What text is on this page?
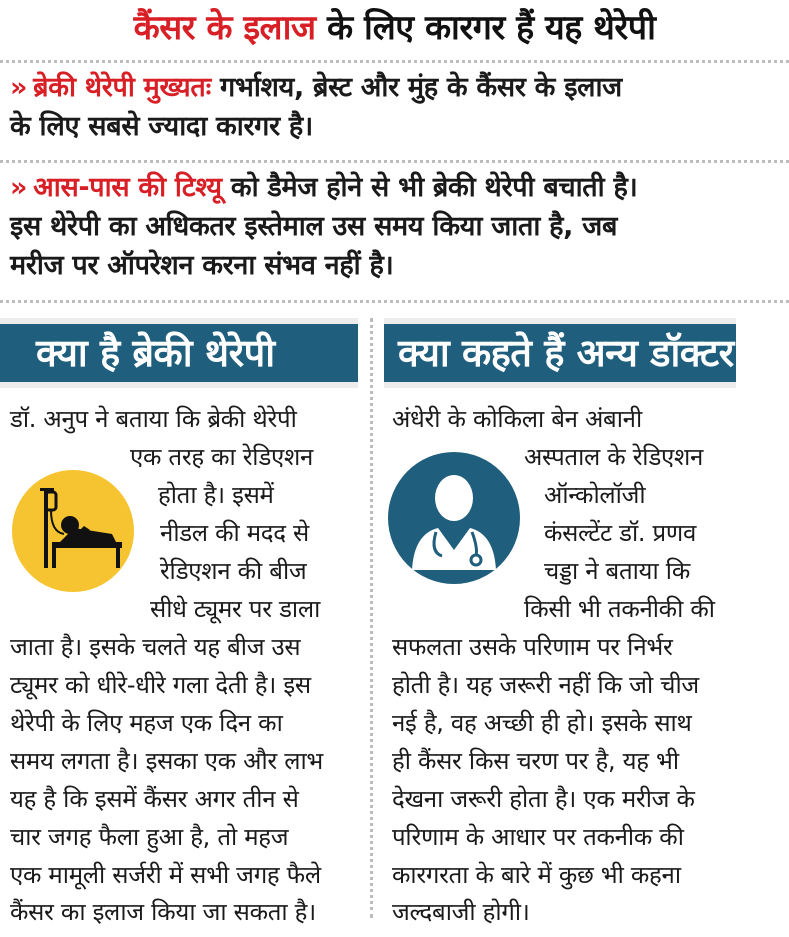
कैंसर के इलाज के लिए कारगर हैं यह थेरेपी
» ब्रेकी थेरेपी मुख्यतः गर्भाशय, ब्रेस्ट और मुंह के कैंसर के इलाज
के लिए सबसे ज्यादा कारगर है।
» आस-पास की टिश्यू को डैमेज होने से भी ब्रेकी थेरेपी बचाती है।
इस थेरेपी का अधिकतर इस्तेमाल उस समय किया जाता है, जब
मरीज पर ऑपरेशन करना संभव नहीं है।
क्या है ब्रेकी थेरेपी	क्या कहते हैं अन्य डॉक्टर
डॉ. अनुप ने बताया कि ब्रेकी थेरेपी
एक तरह का रेडिएशन
होता है। इसमें
नीडल की मदद से
रेडिएशन की बीज
सीधे ट्यूमर पर डाला
जाता है। इसके चलते यह बीज उस
ट्यूमर को धीरे-धीरे गला देती है। इस
थेरेपी के लिए महज एक दिन का
समय लगता है। इसका एक और लाभ
यह है कि इसमें कैंसर अगर तीन से
चार जगह फैला हुआ है, तो महज
एक मामूली सर्जरी में सभी जगह फैले
कैंसर का इलाज किया जा सकता है।
अंधेरी के कोकिला बेन अंबानी
अस्पताल के रेडिएशन
ऑन्कोलॉजी
कंसल्टेंट डॉ. प्रणव
चड्डा ने बताया कि
किसी भी तकनीकी की
सफलता उसके परिणाम पर निर्भर
होती है। यह जरूरी नहीं कि जो चीज
नई है, वह अच्छी ही हो। इसके साथ
ही कैंसर किस चरण पर है, यह भी
देखना जरूरी होता है। एक मरीज के
परिणाम के आधार पर तकनीक की
कारगरता के बारे में कुछ भी कहना
जल्दबाजी होगी।
